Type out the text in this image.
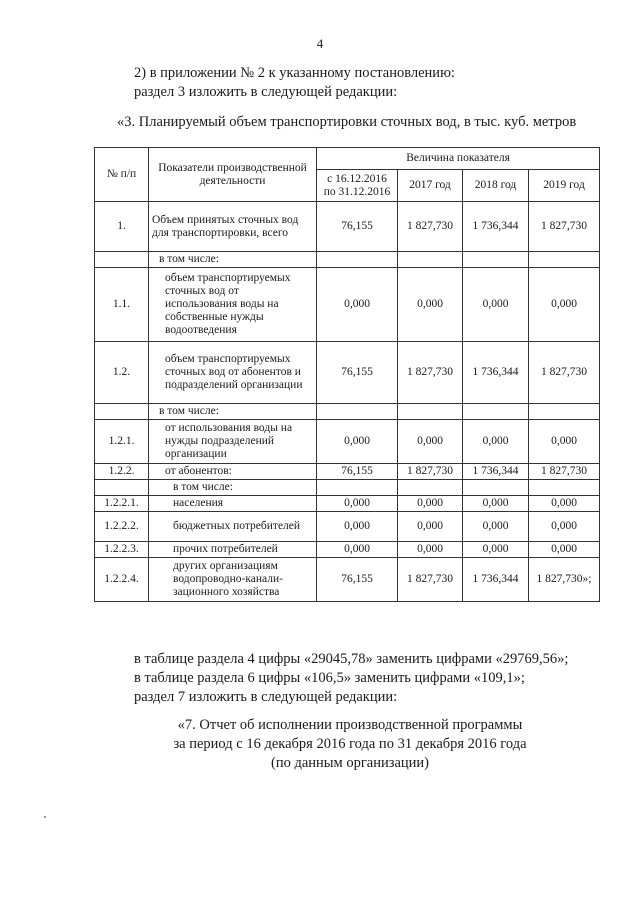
4
2) в приложении № 2 к указанному постановлению:
раздел 3 изложить в следующей редакции:
«3. Планируемый объем транспортировки сточных вод, в тыс. куб. метров
№ п/п	Показатели производственной деятельности	Величина показателя			
		с 16.12.2016 по 31.12.2016	2017 год	2018 год	2019 год
1.	Объем принятых сточных вод для транспортировки, всего	76,155	1 827,730	1 736,344	1 827,730
	в том числе:				
1.1.	объем транспортируемых сточных вод от использования воды на собственные нужды водоотведения	0,000	0,000	0,000	0,000
1.2.	объем транспортируемых сточных вод от абонентов и подразделений организации	76,155	1 827,730	1 736,344	1 827,730
	в том числе:				
1.2.1.	от использования воды на нужды подразделений организации	0,000	0,000	0,000	0,000
1.2.2.	от абонентов:	76,155	1 827,730	1 736,344	1 827,730
	в том числе:				
1.2.2.1.	населения	0,000	0,000	0,000	0,000
1.2.2.2.	бюджетных потребителей	0,000	0,000	0,000	0,000
1.2.2.3.	прочих потребителей	0,000	0,000	0,000	0,000
1.2.2.4.	других организациям водопроводно-канали- зационного хозяйства	76,155	1 827,730	1 736,344	1 827,730»;
в таблице раздела 4 цифры «29045,78» заменить цифрами «29769,56»;
в таблице раздела 6 цифры «106,5» заменить цифрами «109,1»;
раздел 7 изложить в следующей редакции:
«7. Отчет об исполнении производственной программы
за период с 16 декабря 2016 года по 31 декабря 2016 года
(по данным организации)
